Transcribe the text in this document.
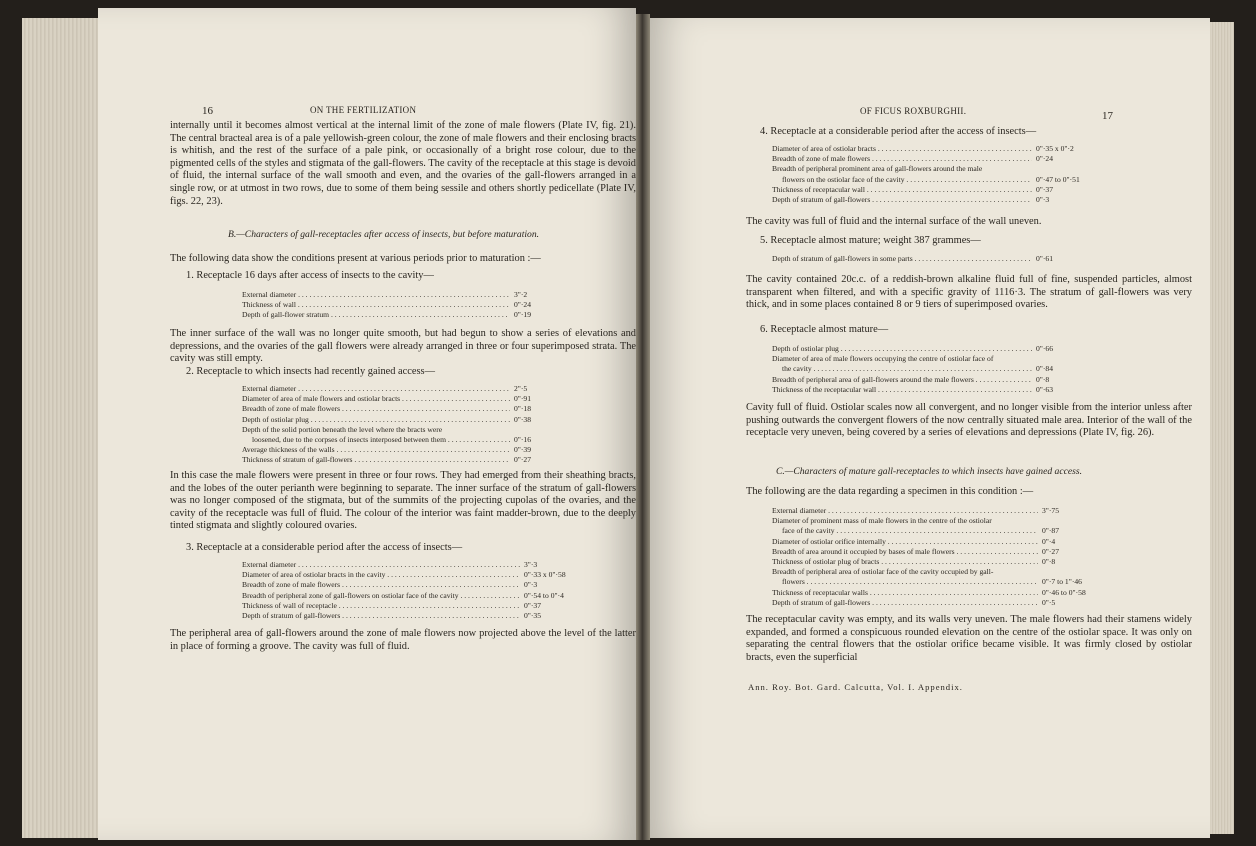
16	ON THE FERTILIZATION
internally until it becomes almost vertical at the internal limit of the zone of male flowers (Plate IV, fig. 21). The central bracteal area is of a pale yellowish-green colour, the zone of male flowers and their enclosing bracts is whitish, and the rest of the surface of a pale pink, or occasionally of a bright rose colour, due to the pigmented cells of the styles and stigmata of the gall-flowers. The cavity of the receptacle at this stage is devoid of fluid, the internal surface of the wall smooth and even, and the ovaries of the gall-flowers arranged in a single row, or at utmost in two rows, due to some of them being sessile and others shortly pedicellate (Plate IV, figs. 22, 23).
B.—Characters of gall-receptacles after access of insects, but before maturation.
The following data show the conditions present at various periods prior to maturation :—
1. Receptacle 16 days after access of insects to the cavity—
External diameter . . .	3"·2
Thickness of wall . . .	0"·24
Depth of gall-flower stratum . . .	0"·19
The inner surface of the wall was no longer quite smooth, but had begun to show a series of elevations and depressions, and the ovaries of the gall flowers were already arranged in three or four superimposed strata. The cavity was still empty.
2. Receptacle to which insects had recently gained access—
External diameter . . .	2"·5
Diameter of area of male flowers and ostiolar bracts . . .	0"·91
Breadth of zone of male flowers . . .	0"·18
Depth of ostiolar plug . . .	0"·38
Depth of the solid portion beneath the level where the bracts were
loosened, due to the corpses of insects interposed between them . . .	0"·16
Average thickness of the walls . . .	0"·39
Thickness of stratum of gall-flowers . . .	0"·27
In this case the male flowers were present in three or four rows. They had emerged from their sheathing bracts, and the lobes of the outer perianth were beginning to separate. The inner surface of the stratum of gall-flowers was no longer composed of the stigmata, but of the summits of the projecting cupolas of the ovaries, and the cavity of the receptacle was full of fluid. The colour of the interior was faint madder-brown, due to the deeply tinted stigmata and slightly coloured ovaries.
3. Receptacle at a considerable period after the access of insects—
External diameter . . .	3"·3
Diameter of area of ostiolar bracts in the cavity . . .	0"·33 x 0"·58
Breadth of zone of male flowers . . .	0"·3
Breadth of peripheral zone of gall-flowers on ostiolar face of the cavity . . .	0"·54 to 0"·4
Thickness of wall of receptacle . . .	0"·37
Depth of stratum of gall-flowers . . .	0"·35
The peripheral area of gall-flowers around the zone of male flowers now projected above the level of the latter in place of forming a groove. The cavity was full of fluid.
OF FICUS ROXBURGHII.	17
4. Receptacle at a considerable period after the access of insects—
Diameter of area of ostiolar bracts . . .	0"·35 x 0"·2
Breadth of zone of male flowers . . .	0"·24
Breadth of peripheral prominent area of gall-flowers around the male
flowers on the ostiolar face of the cavity . . .	0"·47 to 0"·51
Thickness of receptacular wall . . .	0"·37
Depth of stratum of gall-flowers . . .	0"·3
The cavity was full of fluid and the internal surface of the wall uneven.
5. Receptacle almost mature; weight 387 grammes—
Depth of stratum of gall-flowers in some parts . . .	0"·61
The cavity contained 20c.c. of a reddish-brown alkaline fluid full of fine, suspended particles, almost transparent when filtered, and with a specific gravity of 1116·3. The stratum of gall-flowers was very thick, and in some places contained 8 or 9 tiers of superimposed ovaries.
6. Receptacle almost mature—
Depth of ostiolar plug . . .	0"·66
Diameter of area of male flowers occupying the centre of ostiolar face of
the cavity . . .	0"·84
Breadth of peripheral area of gall-flowers around the male flowers . . .	0"·8
Thickness of the receptacular wall . . .	0"·63
Cavity full of fluid. Ostiolar scales now all convergent, and no longer visible from the interior unless after pushing outwards the convergent flowers of the now centrally situated male area. Interior of the wall of the receptacle very uneven, being covered by a series of elevations and depressions (Plate IV, fig. 26).
C.—Characters of mature gall-receptacles to which insects have gained access.
The following are the data regarding a specimen in this condition :—
External diameter . . .	3"·75
Diameter of prominent mass of male flowers in the centre of the ostiolar
face of the cavity . . .	0"·87
Diameter of ostiolar orifice internally . . .	0"·4
Breadth of area around it occupied by bases of male flowers . . .	0"·27
Thickness of ostiolar plug of bracts . . .	0"·8
Breadth of peripheral area of ostiolar face of the cavity occupied by gall-
flowers . . .	0"·7 to 1"·46
Thickness of receptacular walls . . .	0"·46 to 0"·58
Depth of stratum of gall-flowers . . .	0"·5
The receptacular cavity was empty, and its walls very uneven. The male flowers had their stamens widely expanded, and formed a conspicuous rounded elevation on the centre of the ostiolar space. It was only on separating the central flowers that the ostiolar orifice became visible. It was firmly closed by ostiolar bracts, even the superficial
Ann. Roy. Bot. Gard. Calcutta, Vol. I. Appendix.
